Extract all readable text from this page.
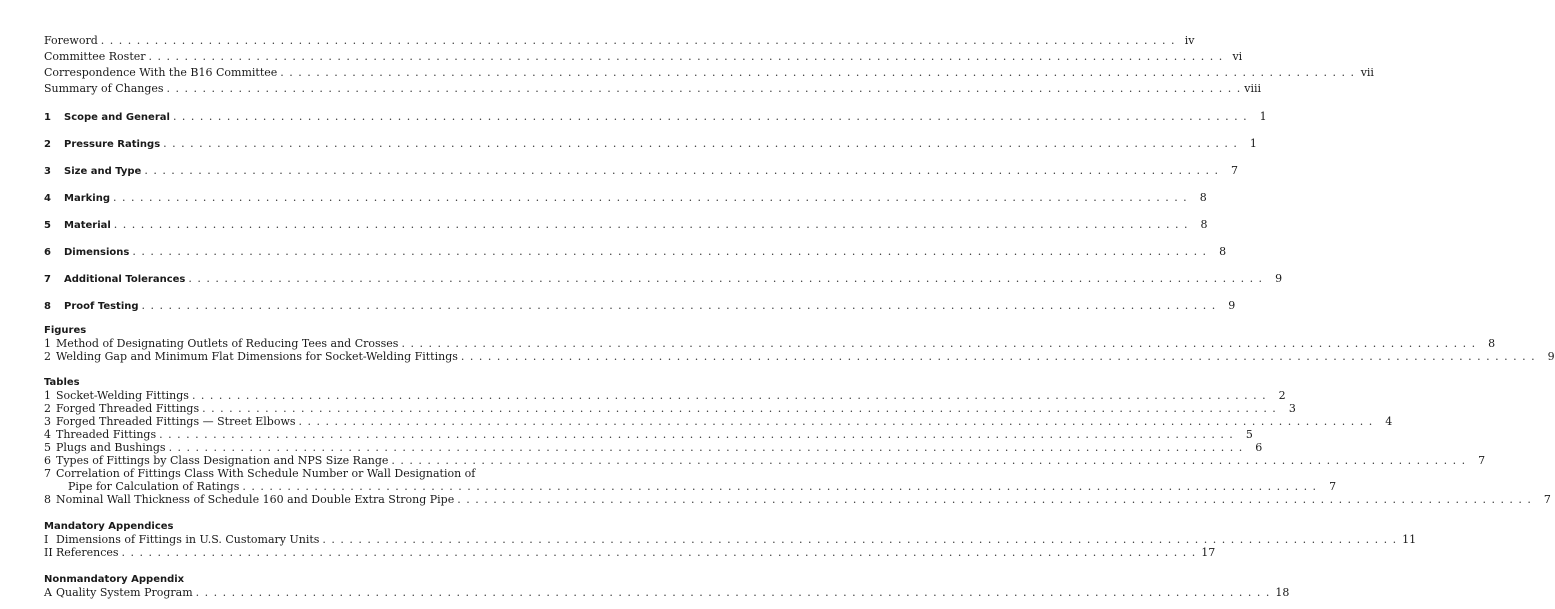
Foreword . . . . . . . . . . . . . . . . . . . . . . . . . . . . . . . . . . . . . . . . . . . . . . . . . . . . . . . . . . . . . . . . . . . . . . . . . . . . . . . . . . . . . . . . . . . . . . . . . . . . . . . . . . . . . . . . . . . . . . . . iv
Committee Roster . . . . . . . . . . . . . . . . . . . . . . . . . . . . . . . . . . . . . . . . . . . . . . . . . . . . . . . . . . . . . . . . . . . . . . . . . . . . . . . . . . . . . . . . . . . . . . . . . . . . . . . . . . . . . . . . . . . . . . . . vi
Correspondence With the B16 Committee . . . . . . . . . . . . . . . . . . . . . . . . . . . . . . . . . . . . . . . . . . . . . . . . . . . . . . . . . . . . . . . . . . . . . . . . . . . . . . . . . . . . . . . . . . . . . . . . . . . . . . . . . . . . . . . . . . . . . . . . vii
Summary of Changes . . . . . . . . . . . . . . . . . . . . . . . . . . . . . . . . . . . . . . . . . . . . . . . . . . . . . . . . . . . . . . . . . . . . . . . . . . . . . . . . . . . . . . . . . . . . . . . . . . . . . . . . . . . . . . . . . . . . . . . . viii
1	Scope and General . . . . . . . . . . . . . . . . . . . . . . . . . . . . . . . . . . . . . . . . . . . . . . . . . . . . . . . . . . . . . . . . . . . . . . . . . . . . . . . . . . . . . . . . . . . . . . . . . . . . . . . . . . . . . . . . . . . . . . . .	1
2	Pressure Ratings . . . . . . . . . . . . . . . . . . . . . . . . . . . . . . . . . . . . . . . . . . . . . . . . . . . . . . . . . . . . . . . . . . . . . . . . . . . . . . . . . . . . . . . . . . . . . . . . . . . . . . . . . . . . . . . . . . . . . . . .	1
3	Size and Type . . . . . . . . . . . . . . . . . . . . . . . . . . . . . . . . . . . . . . . . . . . . . . . . . . . . . . . . . . . . . . . . . . . . . . . . . . . . . . . . . . . . . . . . . . . . . . . . . . . . . . . . . . . . . . . . . . . . . . . .	7
4	Marking . . . . . . . . . . . . . . . . . . . . . . . . . . . . . . . . . . . . . . . . . . . . . . . . . . . . . . . . . . . . . . . . . . . . . . . . . . . . . . . . . . . . . . . . . . . . . . . . . . . . . . . . . . . . . . . . . . . . . . . .	8
5	Material . . . . . . . . . . . . . . . . . . . . . . . . . . . . . . . . . . . . . . . . . . . . . . . . . . . . . . . . . . . . . . . . . . . . . . . . . . . . . . . . . . . . . . . . . . . . . . . . . . . . . . . . . . . . . . . . . . . . . . . .	8
6	Dimensions . . . . . . . . . . . . . . . . . . . . . . . . . . . . . . . . . . . . . . . . . . . . . . . . . . . . . . . . . . . . . . . . . . . . . . . . . . . . . . . . . . . . . . . . . . . . . . . . . . . . . . . . . . . . . . . . . . . . . . . .	8
7	Additional Tolerances . . . . . . . . . . . . . . . . . . . . . . . . . . . . . . . . . . . . . . . . . . . . . . . . . . . . . . . . . . . . . . . . . . . . . . . . . . . . . . . . . . . . . . . . . . . . . . . . . . . . . . . . . . . . . . . . . . . . . . . .	9
8	Proof Testing . . . . . . . . . . . . . . . . . . . . . . . . . . . . . . . . . . . . . . . . . . . . . . . . . . . . . . . . . . . . . . . . . . . . . . . . . . . . . . . . . . . . . . . . . . . . . . . . . . . . . . . . . . . . . . . . . . . . . . . .	9
Figures
1 Method of Designating Outlets of Reducing Tees and Crosses . . . . . . . . . . . . . . . . . . . . . . . . . . . . . . . . . . . . . . . . . . . . . . . . . . . . . . . . . . . . . . . . . . . . . . . . . . . . . . . . . . . . . . . . . . . . . . . . . . . . . . . . . . . . . . . . . . . . . . . .	8
2 Welding Gap and Minimum Flat Dimensions for Socket-Welding Fittings . . . . . . . . . . . . . . . . . . . . . . . . . . . . . . . . . . . . . . . . . . . . . . . . . . . . . . . . . . . . . . . . . . . . . . . . . . . . . . . . . . . . . . . . . . . . . . . . . . . . . . . . . . . . . . . . . . . . . . . .	9
Tables
1 Socket-Welding Fittings . . . . . . . . . . . . . . . . . . . . . . . . . . . . . . . . . . . . . . . . . . . . . . . . . . . . . . . . . . . . . . . . . . . . . . . . . . . . . . . . . . . . . . . . . . . . . . . . . . . . . . . . . . . . . . . . . . . . . . . .	2
2 Forged Threaded Fittings . . . . . . . . . . . . . . . . . . . . . . . . . . . . . . . . . . . . . . . . . . . . . . . . . . . . . . . . . . . . . . . . . . . . . . . . . . . . . . . . . . . . . . . . . . . . . . . . . . . . . . . . . . . . . . . . . . . . . . . .	3
3 Forged Threaded Fittings — Street Elbows . . . . . . . . . . . . . . . . . . . . . . . . . . . . . . . . . . . . . . . . . . . . . . . . . . . . . . . . . . . . . . . . . . . . . . . . . . . . . . . . . . . . . . . . . . . . . . . . . . . . . . . . . . . . . . . . . . . . . . . .	4
4 Threaded Fittings . . . . . . . . . . . . . . . . . . . . . . . . . . . . . . . . . . . . . . . . . . . . . . . . . . . . . . . . . . . . . . . . . . . . . . . . . . . . . . . . . . . . . . . . . . . . . . . . . . . . . . . . . . . . . . . . . . . . . . . .	5
5 Plugs and Bushings . . . . . . . . . . . . . . . . . . . . . . . . . . . . . . . . . . . . . . . . . . . . . . . . . . . . . . . . . . . . . . . . . . . . . . . . . . . . . . . . . . . . . . . . . . . . . . . . . . . . . . . . . . . . . . . . . . . . . . . .	6
6 Types of Fittings by Class Designation and NPS Size Range . . . . . . . . . . . . . . . . . . . . . . . . . . . . . . . . . . . . . . . . . . . . . . . . . . . . . . . . . . . . . . . . . . . . . . . . . . . . . . . . . . . . . . . . . . . . . . . . . . . . . . . . . . . . . . . . . . . . . . . .	7
7 Correlation of Fittings Class With Schedule Number or Wall Designation of
Pipe for Calculation of Ratings . . . . . . . . . . . . . . . . . . . . . . . . . . . . . . . . . . . . . . . . . . . . . . . . . . . . . . . . . . . . . . . . . . . . . . . . . . . . . . . . . . . . . . . . . . . . . . . . . . . . . . . . . . . . . . . . . . . . . . . .	7
8 Nominal Wall Thickness of Schedule 160 and Double Extra Strong Pipe . . . . . . . . . . . . . . . . . . . . . . . . . . . . . . . . . . . . . . . . . . . . . . . . . . . . . . . . . . . . . . . . . . . . . . . . . . . . . . . . . . . . . . . . . . . . . . . . . . . . . . . . . . . . . . . . . . . . . . . .	7
Mandatory Appendices
I Dimensions of Fittings in U.S. Customary Units . . . . . . . . . . . . . . . . . . . . . . . . . . . . . . . . . . . . . . . . . . . . . . . . . . . . . . . . . . . . . . . . . . . . . . . . . . . . . . . . . . . . . . . . . . . . . . . . . . . . . . . . . . . . . . . . . . . . . . . . 11
II References . . . . . . . . . . . . . . . . . . . . . . . . . . . . . . . . . . . . . . . . . . . . . . . . . . . . . . . . . . . . . . . . . . . . . . . . . . . . . . . . . . . . . . . . . . . . . . . . . . . . . . . . . . . . . . . . . . . . . . . . 17
Nonmandatory Appendix
A Quality System Program . . . . . . . . . . . . . . . . . . . . . . . . . . . . . . . . . . . . . . . . . . . . . . . . . . . . . . . . . . . . . . . . . . . . . . . . . . . . . . . . . . . . . . . . . . . . . . . . . . . . . . . . . . . . . . . . . . . . . . . . 18
